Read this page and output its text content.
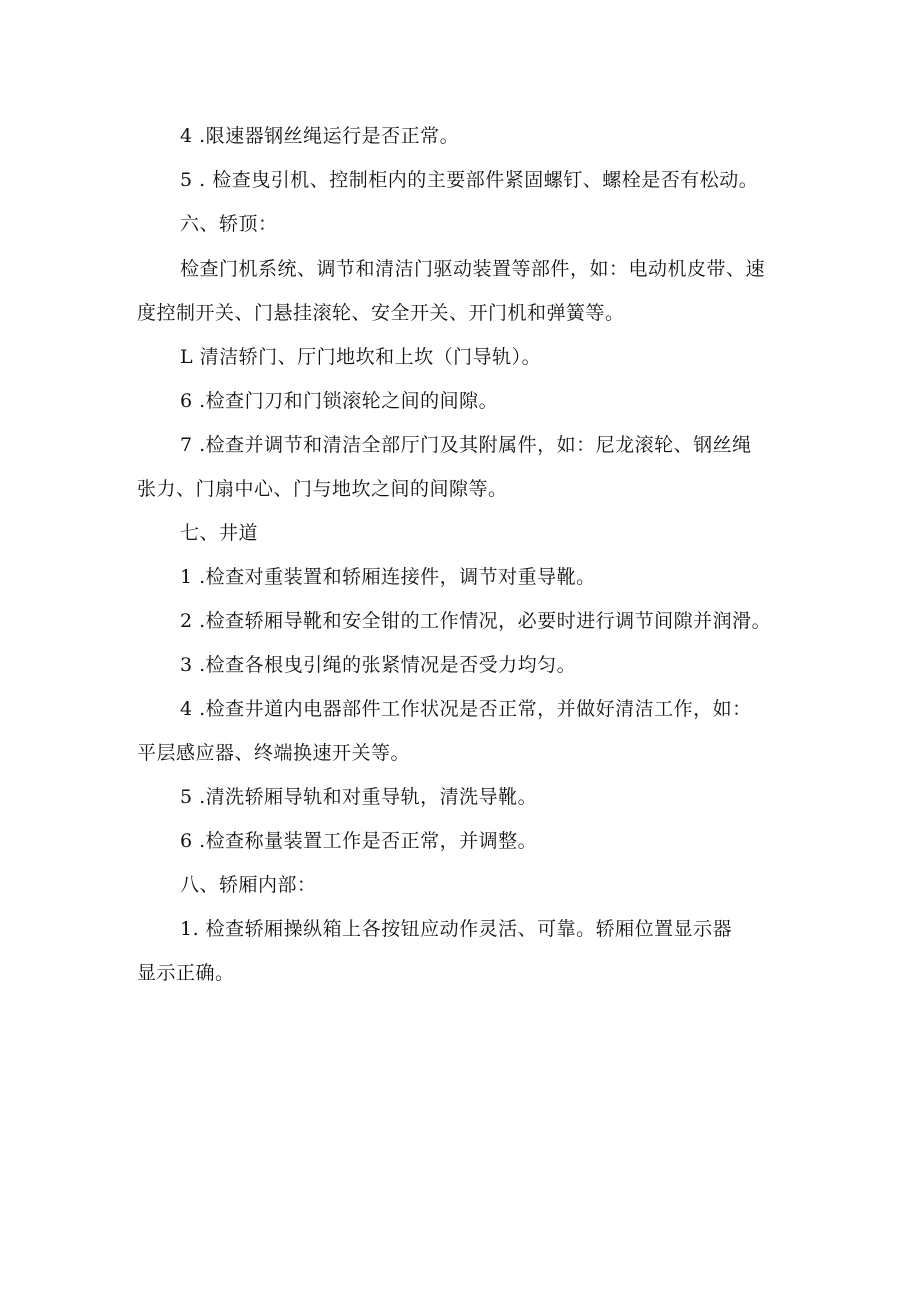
4 .限速器钢丝绳运行是否正常。
5 . 检查曳引机、控制柜内的主要部件紧固螺钉、螺栓是否有松动。
六、轿顶：
检查门机系统、调节和清洁门驱动装置等部件，如：电动机皮带、速
度控制开关、门悬挂滚轮、安全开关、开门机和弹簧等。
L 清洁轿门、厅门地坎和上坎（门导轨）。
6 .检查门刀和门锁滚轮之间的间隙。
7 .检查并调节和清洁全部厅门及其附属件，如：尼龙滚轮、钢丝绳
张力、门扇中心、门与地坎之间的间隙等。
七、井道
1 .检查对重装置和轿厢连接件，调节对重导靴。
2 .检查轿厢导靴和安全钳的工作情况，必要时进行调节间隙并润滑。
3 .检查各根曳引绳的张紧情况是否受力均匀。
4 .检查井道内电器部件工作状况是否正常，并做好清洁工作，如：
平层感应器、终端换速开关等。
5 .清洗轿厢导轨和对重导轨，清洗导靴。
6 .检查称量装置工作是否正常，并调整。
八、轿厢内部：
1. 检查轿厢操纵箱上各按钮应动作灵活、可靠。轿厢位置显示器
显示正确。
